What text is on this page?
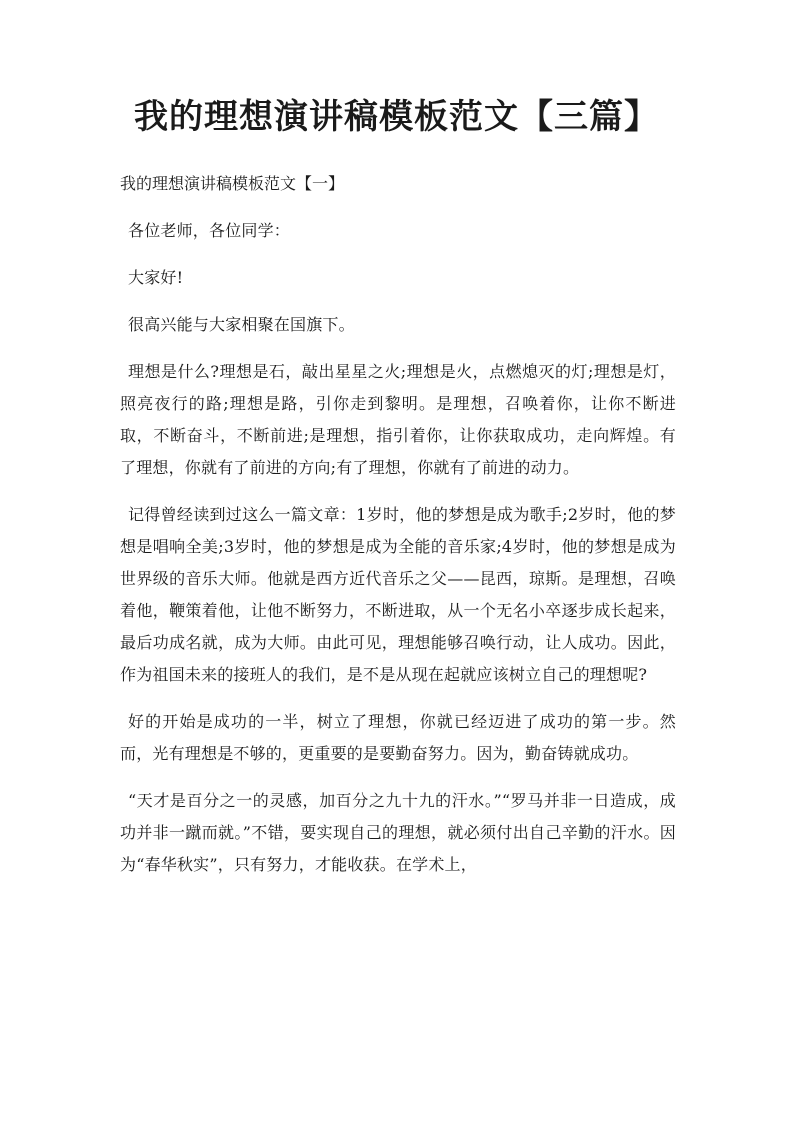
我的理想演讲稿模板范文【三篇】

我的理想演讲稿模板范文【一】

各位老师，各位同学：

大家好!

很高兴能与大家相聚在国旗下。

理想是什么?理想是石，敲出星星之火;理想是火，点燃熄灭的灯;理想是灯，照亮夜行的路;理想是路，引你走到黎明。是理想，召唤着你，让你不断进取，不断奋斗，不断前进;是理想，指引着你，让你获取成功，走向辉煌。有了理想，你就有了前进的方向;有了理想，你就有了前进的动力。

记得曾经读到过这么一篇文章：1岁时，他的梦想是成为歌手;2岁时，他的梦想是唱响全美;3岁时，他的梦想是成为全能的音乐家;4岁时，他的梦想是成为世界级的音乐大师。他就是西方近代音乐之父——昆西，琼斯。是理想，召唤着他，鞭策着他，让他不断努力，不断进取，从一个无名小卒逐步成长起来，最后功成名就，成为大师。由此可见，理想能够召唤行动，让人成功。因此，作为祖国未来的接班人的我们，是不是从现在起就应该树立自己的理想呢?

好的开始是成功的一半，树立了理想，你就已经迈进了成功的第一步。然而，光有理想是不够的，更重要的是要勤奋努力。因为，勤奋铸就成功。

“天才是百分之一的灵感，加百分之九十九的汗水。”“罗马并非一日造成，成功并非一蹴而就。”不错，要实现自己的理想，就必须付出自己辛勤的汗水。因为“春华秋实”，只有努力，才能收获。在学术上，
